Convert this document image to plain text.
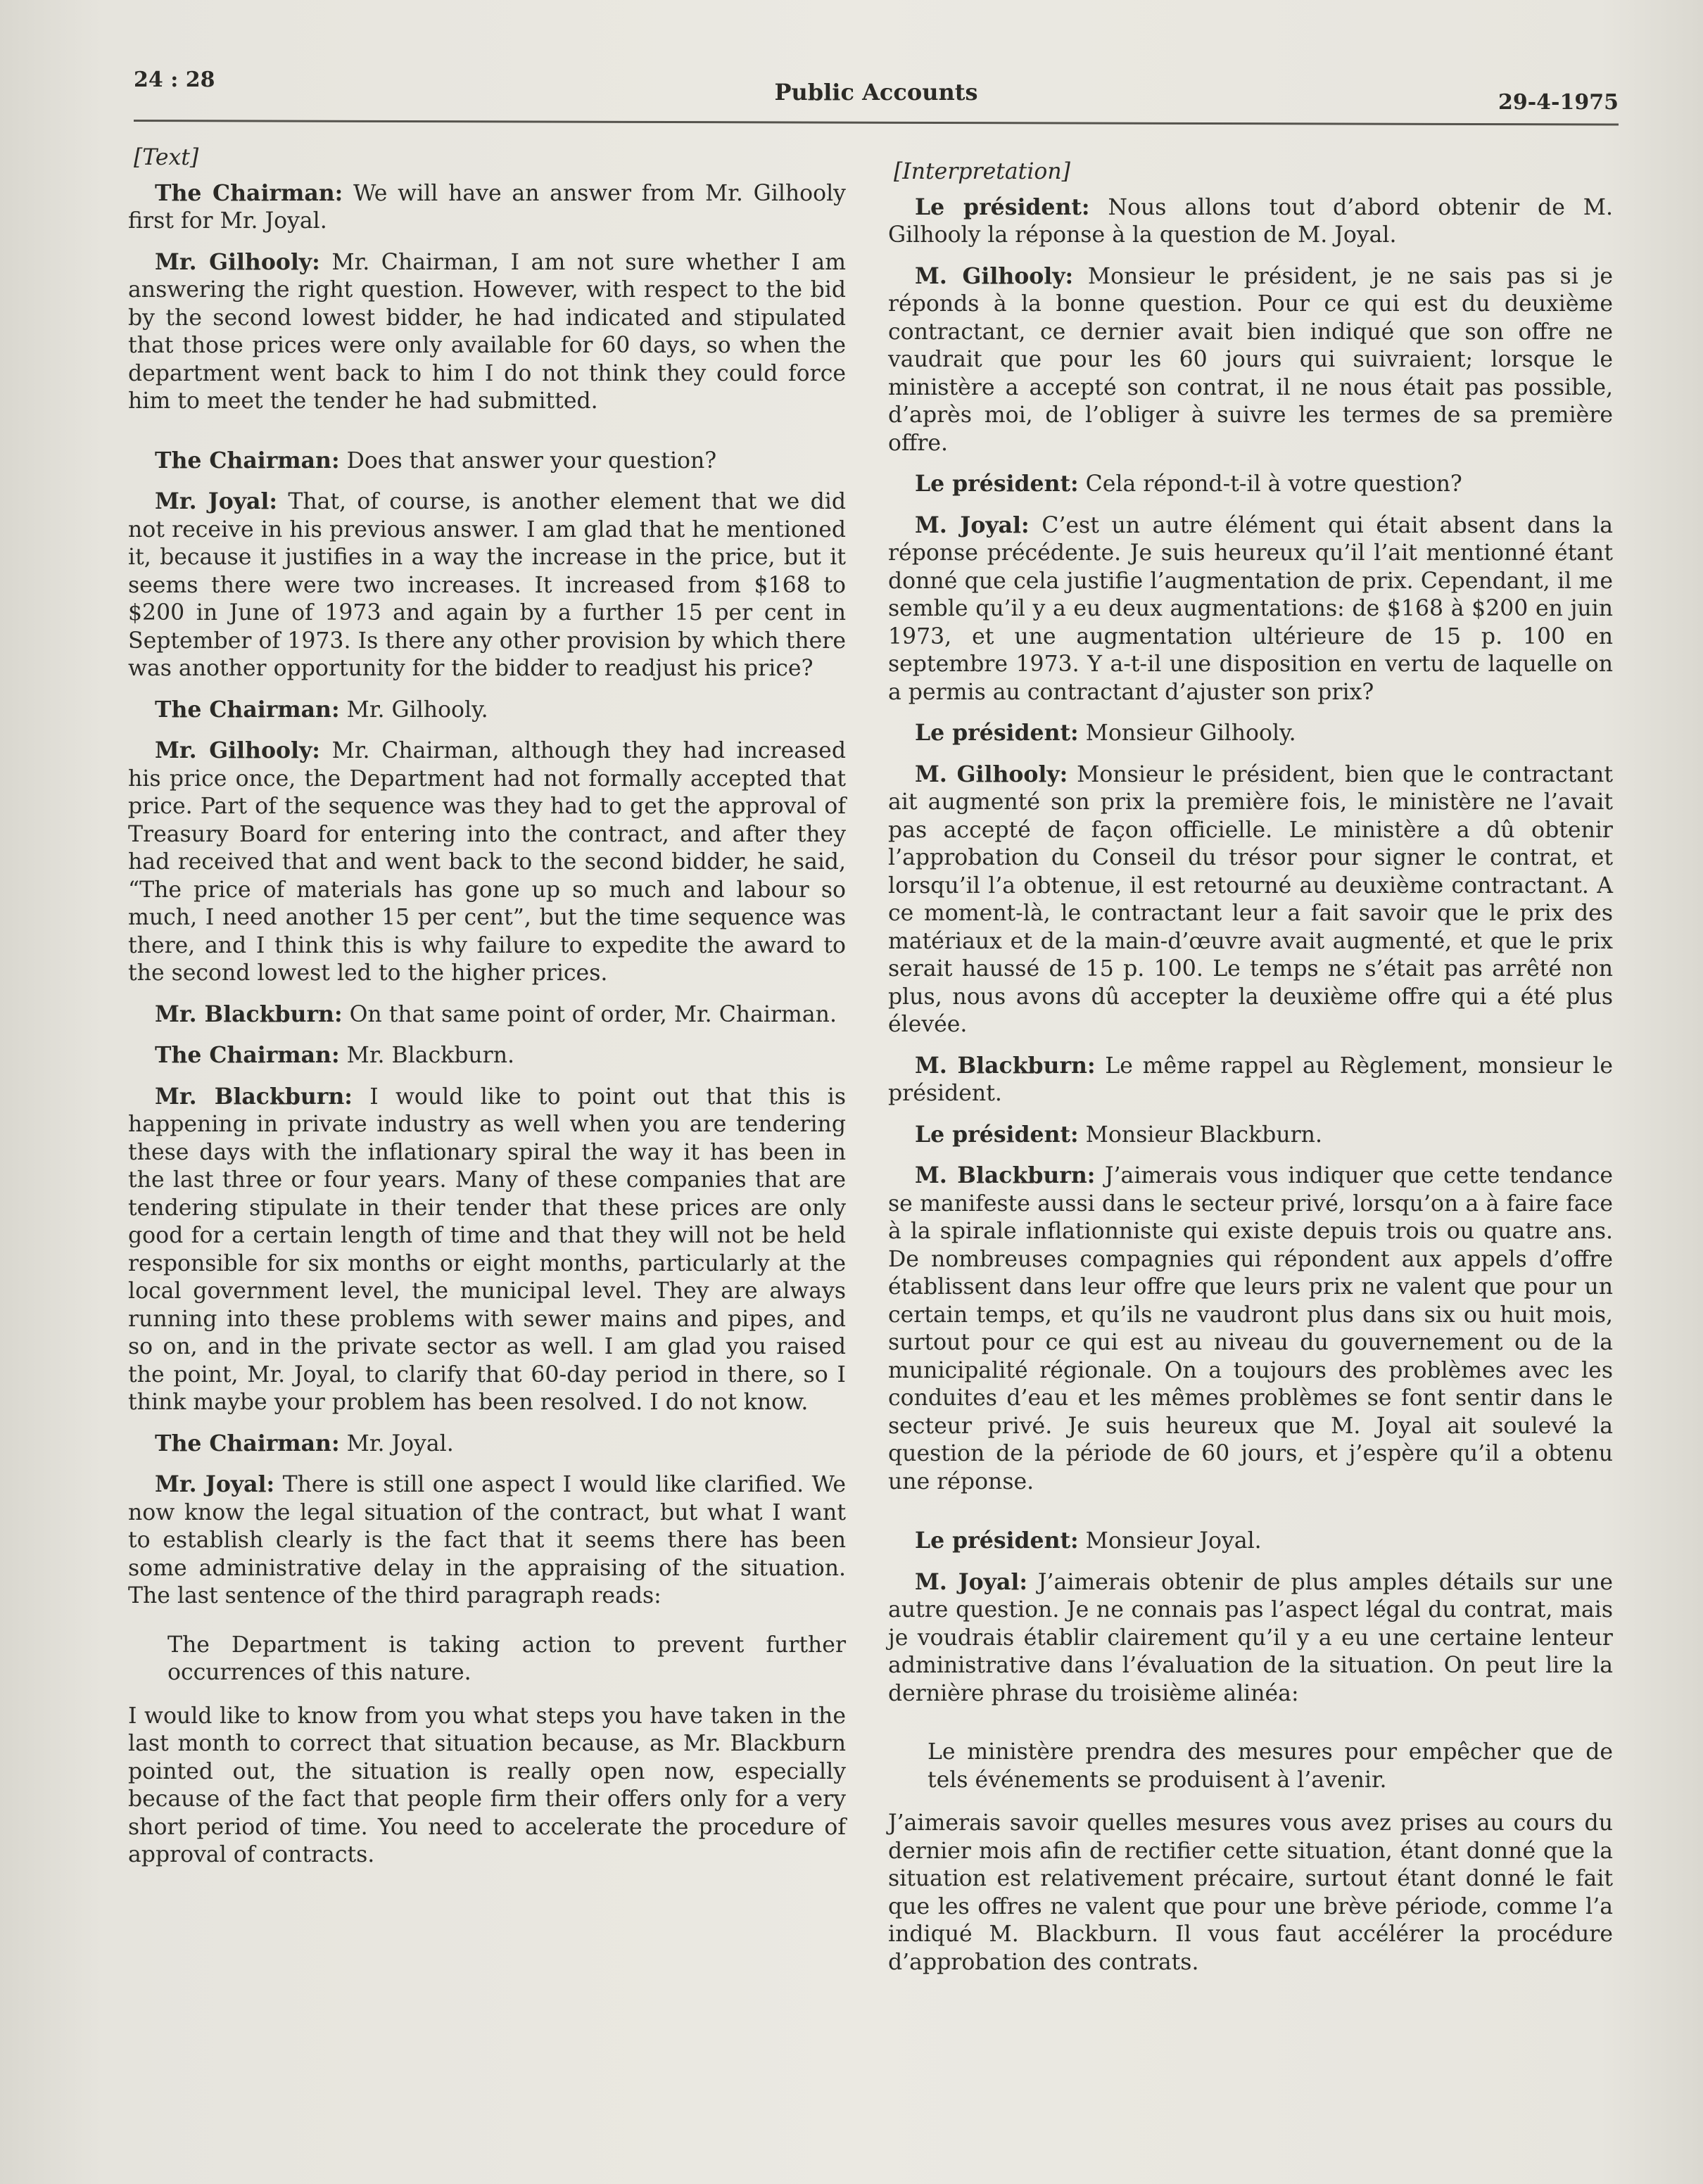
24 : 28	Public Accounts	29-4-1975
[Text]

The Chairman: We will have an answer from Mr. Gilhooly first for Mr. Joyal.

Mr. Gilhooly: Mr. Chairman, I am not sure whether I am answering the right question. However, with respect to the bid by the second lowest bidder, he had indicated and stipulated that those prices were only available for 60 days, so when the department went back to him I do not think they could force him to meet the tender he had submitted.

The Chairman: Does that answer your question?

Mr. Joyal: That, of course, is another element that we did not receive in his previous answer. I am glad that he mentioned it, because it justifies in a way the increase in the price, but it seems there were two increases. It increased from $168 to $200 in June of 1973 and again by a further 15 per cent in September of 1973. Is there any other provision by which there was another opportunity for the bidder to readjust his price?

The Chairman: Mr. Gilhooly.

Mr. Gilhooly: Mr. Chairman, although they had increased his price once, the Department had not formally accepted that price. Part of the sequence was they had to get the approval of Treasury Board for entering into the contract, and after they had received that and went back to the second bidder, he said, “The price of materials has gone up so much and labour so much, I need another 15 per cent”, but the time sequence was there, and I think this is why failure to expedite the award to the second lowest led to the higher prices.

Mr. Blackburn: On that same point of order, Mr. Chairman.

The Chairman: Mr. Blackburn.

Mr. Blackburn: I would like to point out that this is happening in private industry as well when you are tendering these days with the inflationary spiral the way it has been in the last three or four years. Many of these companies that are tendering stipulate in their tender that these prices are only good for a certain length of time and that they will not be held responsible for six months or eight months, particularly at the local government level, the municipal level. They are always running into these problems with sewer mains and pipes, and so on, and in the private sector as well. I am glad you raised the point, Mr. Joyal, to clarify that 60-day period in there, so I think maybe your problem has been resolved. I do not know.

The Chairman: Mr. Joyal.

Mr. Joyal: There is still one aspect I would like clarified. We now know the legal situation of the contract, but what I want to establish clearly is the fact that it seems there has been some administrative delay in the appraising of the situation. The last sentence of the third paragraph reads:

The Department is taking action to prevent further occurrences of this nature.

I would like to know from you what steps you have taken in the last month to correct that situation because, as Mr. Blackburn pointed out, the situation is really open now, especially because of the fact that people firm their offers only for a very short period of time. You need to accelerate the procedure of approval of contracts.

[Interpretation]

Le président: Nous allons tout d’abord obtenir de M. Gilhooly la réponse à la question de M. Joyal.

M. Gilhooly: Monsieur le président, je ne sais pas si je réponds à la bonne question. Pour ce qui est du deuxième contractant, ce dernier avait bien indiqué que son offre ne vaudrait que pour les 60 jours qui suivraient; lorsque le ministère a accepté son contrat, il ne nous était pas possible, d’après moi, de l’obliger à suivre les termes de sa première offre.

Le président: Cela répond-t-il à votre question?

M. Joyal: C’est un autre élément qui était absent dans la réponse précédente. Je suis heureux qu’il l’ait mentionné étant donné que cela justifie l’augmentation de prix. Cependant, il me semble qu’il y a eu deux augmentations: de $168 à $200 en juin 1973, et une augmentation ultérieure de 15 p. 100 en septembre 1973. Y a-t-il une disposition en vertu de laquelle on a permis au contractant d’ajuster son prix?

Le président: Monsieur Gilhooly.

M. Gilhooly: Monsieur le président, bien que le contractant ait augmenté son prix la première fois, le ministère ne l’avait pas accepté de façon officielle. Le ministère a dû obtenir l’approbation du Conseil du trésor pour signer le contrat, et lorsqu’il l’a obtenue, il est retourné au deuxième contractant. A ce moment-là, le contractant leur a fait savoir que le prix des matériaux et de la main-d’œuvre avait augmenté, et que le prix serait haussé de 15 p. 100. Le temps ne s’était pas arrêté non plus, nous avons dû accepter la deuxième offre qui a été plus élevée.

M. Blackburn: Le même rappel au Règlement, monsieur le président.

Le président: Monsieur Blackburn.

M. Blackburn: J’aimerais vous indiquer que cette tendance se manifeste aussi dans le secteur privé, lorsqu’on a à faire face à la spirale inflationniste qui existe depuis trois ou quatre ans. De nombreuses compagnies qui répondent aux appels d’offre établissent dans leur offre que leurs prix ne valent que pour un certain temps, et qu’ils ne vaudront plus dans six ou huit mois, surtout pour ce qui est au niveau du gouvernement ou de la municipalité régionale. On a toujours des problèmes avec les conduites d’eau et les mêmes problèmes se font sentir dans le secteur privé. Je suis heureux que M. Joyal ait soulevé la question de la période de 60 jours, et j’espère qu’il a obtenu une réponse.

Le président: Monsieur Joyal.

M. Joyal: J’aimerais obtenir de plus amples détails sur une autre question. Je ne connais pas l’aspect légal du contrat, mais je voudrais établir clairement qu’il y a eu une certaine lenteur administrative dans l’évaluation de la situation. On peut lire la dernière phrase du troisième alinéa:

Le ministère prendra des mesures pour empêcher que de tels événements se produisent à l’avenir.

J’aimerais savoir quelles mesures vous avez prises au cours du dernier mois afin de rectifier cette situation, étant donné que la situation est relativement précaire, surtout étant donné le fait que les offres ne valent que pour une brève période, comme l’a indiqué M. Blackburn. Il vous faut accélérer la procédure d’approbation des contrats.
